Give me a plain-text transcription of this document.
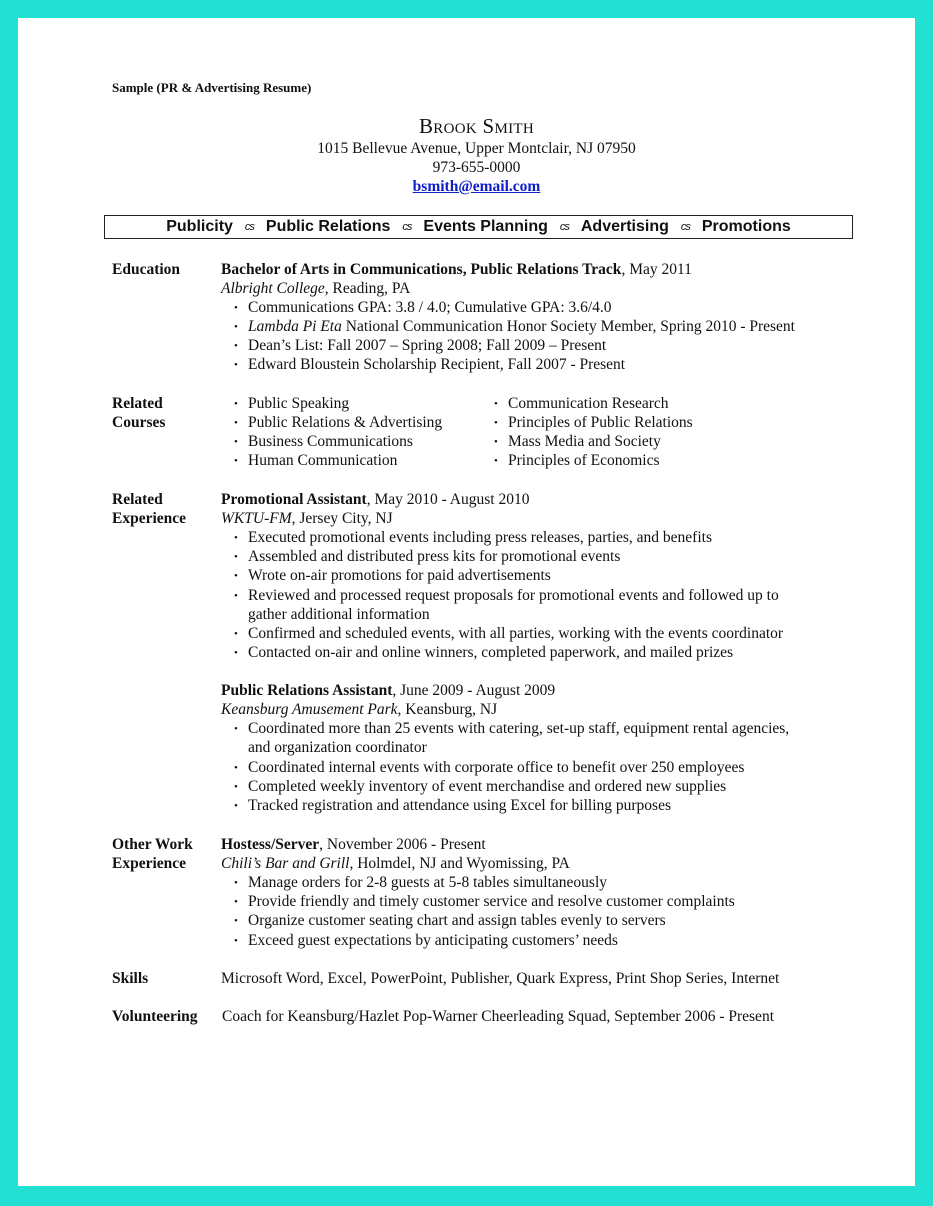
Sample (PR & Advertising Resume)
Brook Smith
1015 Bellevue Avenue, Upper Montclair, NJ 07950
973-655-0000
bsmith@email.com
Publicity cs Public Relations cs Events Planning cs Advertising cs Promotions
Education	Bachelor of Arts in Communications, Public Relations Track, May 2011
Albright College, Reading, PA
• Communications GPA: 3.8 / 4.0; Cumulative GPA: 3.6/4.0
• Lambda Pi Eta National Communication Honor Society Member, Spring 2010 - Present
• Dean’s List: Fall 2007 – Spring 2008; Fall 2009 – Present
• Edward Bloustein Scholarship Recipient, Fall 2007 - Present
Related
Courses
• Public Speaking
• Public Relations & Advertising
• Business Communications
• Human Communication
• Communication Research
• Principles of Public Relations
• Mass Media and Society
• Principles of Economics
Related
Experience
Promotional Assistant, May 2010 - August 2010
WKTU-FM, Jersey City, NJ
• Executed promotional events including press releases, parties, and benefits
• Assembled and distributed press kits for promotional events
• Wrote on-air promotions for paid advertisements
• Reviewed and processed request proposals for promotional events and followed up to
gather additional information
• Confirmed and scheduled events, with all parties, working with the events coordinator
• Contacted on-air and online winners, completed paperwork, and mailed prizes
Public Relations Assistant, June 2009 - August 2009
Keansburg Amusement Park, Keansburg, NJ
• Coordinated more than 25 events with catering, set-up staff, equipment rental agencies,
and organization coordinator
• Coordinated internal events with corporate office to benefit over 250 employees
• Completed weekly inventory of event merchandise and ordered new supplies
• Tracked registration and attendance using Excel for billing purposes
Other Work
Experience
Hostess/Server, November 2006 - Present
Chili’s Bar and Grill, Holmdel, NJ and Wyomissing, PA
• Manage orders for 2-8 guests at 5-8 tables simultaneously
• Provide friendly and timely customer service and resolve customer complaints
• Organize customer seating chart and assign tables evenly to servers
• Exceed guest expectations by anticipating customers’ needs
Skills	Microsoft Word, Excel, PowerPoint, Publisher, Quark Express, Print Shop Series, Internet
Volunteering Coach for Keansburg/Hazlet Pop-Warner Cheerleading Squad, September 2006 - Present
